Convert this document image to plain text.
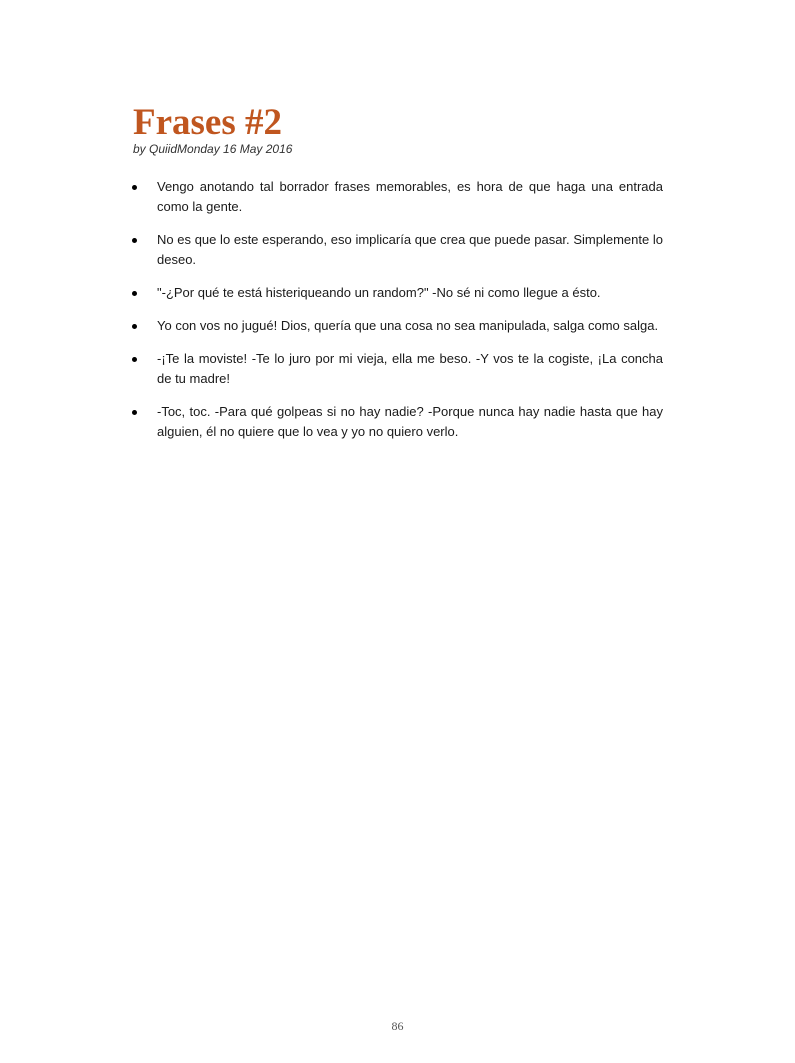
Frases #2

by QuiidMonday 16 May 2016

Vengo anotando tal borrador frases memorables, es hora de que haga una entrada como la gente.
No es que lo este esperando, eso implicaría que crea que puede pasar. Simplemente lo deseo.
"-¿Por qué te está histeriqueando un random?" -No sé ni como llegue a ésto.
Yo con vos no jugué! Dios, quería que una cosa no sea manipulada, salga como salga.
-¡Te la moviste! -Te lo juro por mi vieja, ella me beso. -Y vos te la cogiste, ¡La concha de tu madre!
-Toc, toc. -Para qué golpeas si no hay nadie? -Porque nunca hay nadie hasta que hay alguien, él no quiere que lo vea y yo no quiero verlo.
86
